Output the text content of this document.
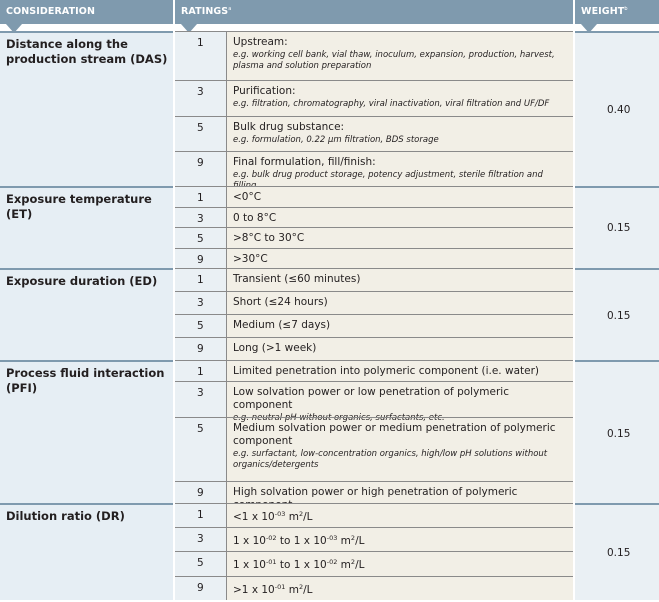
CONSIDERATION	RATINGS$^a$	WEIGHT$^b$
Distance along the production stream (DAS)
1	Upstream:
e.g. working cell bank, vial thaw, inoculum, expansion, production, harvest, plasma and solution preparation
3	Purification:
e.g. filtration, chromatography, viral inactivation, viral filtration and UF/DF
5	Bulk drug substance:
e.g. formulation, 0.22 µm filtration, BDS storage
9	Final formulation, fill/finish:
e.g. bulk drug product storage, potency adjustment, sterile filtration and
0.40
Exposure temperature (ET)
1	<0°C
3	0 to 8°C
5	>8°C to 30°C
9	>30°C
0.15
Exposure duration (ED)	1	Transient (≤60 minutes)
3	Short (≤24 hours)
5	Medium (≤7 days)
9	Long (>1 week)
0.15
Process fluid interaction (PFI)
1	Limited penetration into polymeric component (i.e. water)
3	Low solvation power or low penetration of polymeric component
e.g. neutral pH without organics, surfactants, etc.
5	Medium solvation power or medium penetration of polymeric component
e.g. surfactant, low-concentration organics, high/low pH solutions without organics/detergents
9	High solvation power or high penetration of polymeric
0.15
Dilution ratio (DR)	1	<1 x $10^{-03}$ $m^2/L$
3	1 x $10^{-02}$ to 1 x $10^{-03}$ $m^2/L$
5	1 x $10^{-01}$ to 1 x $10^{-02}$ $m^2/L$
9	>1 x $10^{-01}$ $m^2/L$
0.15
